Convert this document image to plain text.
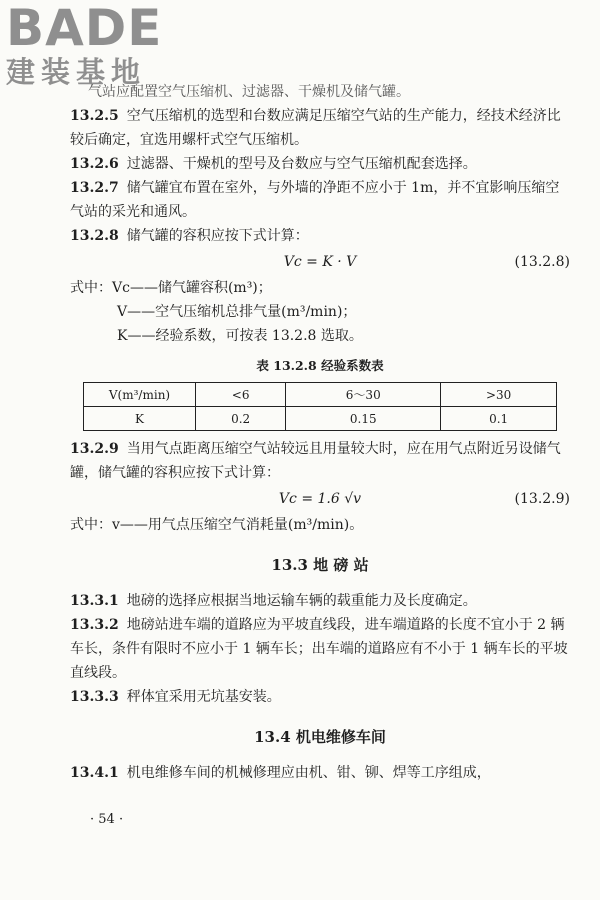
BADE
建装基地

气站应配置空气压缩机、过滤器、干燥机及储气罐。

13.2.5 空气压缩机的选型和台数应满足压缩空气站的生产能力，经技术经济比较后确定，宜选用螺杆式空气压缩机。

13.2.6 过滤器、干燥机的型号及台数应与空气压缩机配套选择。

13.2.7 储气罐宜布置在室外，与外墙的净距不应小于 1m，并不宜影响压缩空气站的采光和通风。

13.2.8 储气罐的容积应按下式计算：

Vc = K · V	(13.2.8)

式中：Vc——储气罐容积(m³)；

V——空气压缩机总排气量(m³/min)；

K——经验系数，可按表 13.2.8 选取。

表 13.2.8 经验系数表
V(m³/min)	<6	6～30	>30
K	0.2	0.15	0.1

13.2.9 当用气点距离压缩空气站较远且用量较大时，应在用气点附近另设储气罐，储气罐的容积应按下式计算：

Vc = 1.6 √v	(13.2.9)

式中：v——用气点压缩空气消耗量(m³/min)。

13.3 地 磅 站

13.3.1 地磅的选择应根据当地运输车辆的载重能力及长度确定。

13.3.2 地磅站进车端的道路应为平坡直线段，进车端道路的长度不宜小于 2 辆车长，条件有限时不应小于 1 辆车长；出车端的道路应有不小于 1 辆车长的平坡直线段。

13.3.3 秤体宜采用无坑基安装。

13.4 机电维修车间

13.4.1 机电维修车间的机械修理应由机、钳、铆、焊等工序组成，

· 54 ·
